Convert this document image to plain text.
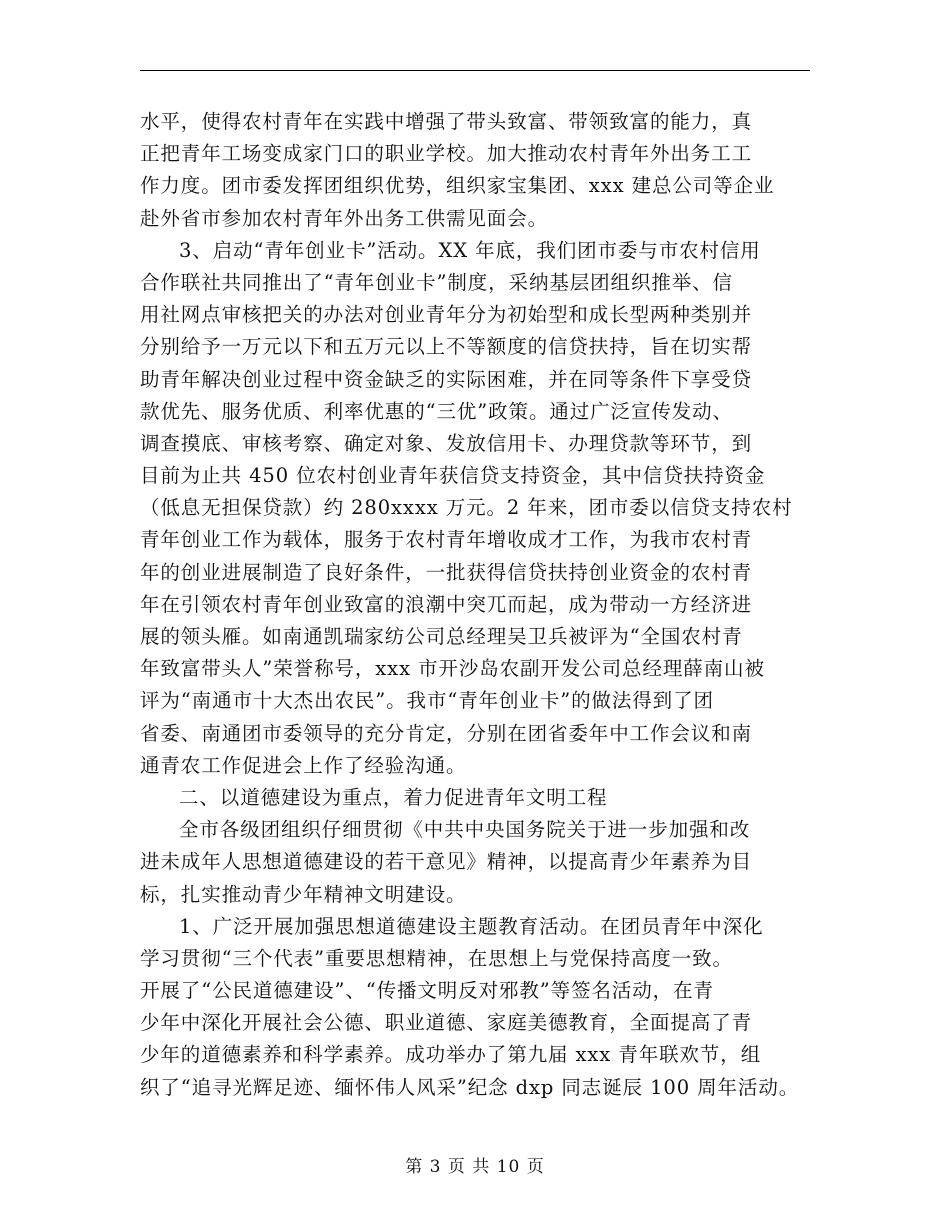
水平，使得农村青年在实践中增强了带头致富、带领致富的能力，真
正把青年工场变成家门口的职业学校。加大推动农村青年外出务工工
作力度。团市委发挥团组织优势，组织家宝集团、xxx 建总公司等企业
赴外省市参加农村青年外出务工供需见面会。
3、启动“青年创业卡”活动。XX 年底，我们团市委与市农村信用
合作联社共同推出了“青年创业卡”制度，采纳基层团组织推举、信
用社网点审核把关的办法对创业青年分为初始型和成长型两种类别并
分别给予一万元以下和五万元以上不等额度的信贷扶持，旨在切实帮
助青年解决创业过程中资金缺乏的实际困难，并在同等条件下享受贷
款优先、服务优质、利率优惠的“三优”政策。通过广泛宣传发动、
调查摸底、审核考察、确定对象、发放信用卡、办理贷款等环节，到
目前为止共 450 位农村创业青年获信贷支持资金，其中信贷扶持资金
（低息无担保贷款）约 280xxxx 万元。2 年来，团市委以信贷支持农村
青年创业工作为载体，服务于农村青年增收成才工作，为我市农村青
年的创业进展制造了良好条件，一批获得信贷扶持创业资金的农村青
年在引领农村青年创业致富的浪潮中突兀而起，成为带动一方经济进
展的领头雁。如南通凯瑞家纺公司总经理吴卫兵被评为“全国农村青
年致富带头人”荣誉称号，xxx 市开沙岛农副开发公司总经理薛南山被
评为“南通市十大杰出农民”。我市“青年创业卡”的做法得到了团
省委、南通团市委领导的充分肯定，分别在团省委年中工作会议和南
通青农工作促进会上作了经验沟通。
二、以道德建设为重点，着力促进青年文明工程
全市各级团组织仔细贯彻《中共中央国务院关于进一步加强和改
进未成年人思想道德建设的若干意见》精神，以提高青少年素养为目
标，扎实推动青少年精神文明建设。
1、广泛开展加强思想道德建设主题教育活动。在团员青年中深化
学习贯彻“三个代表”重要思想精神，在思想上与党保持高度一致。
开展了“公民道德建设”、“传播文明反对邪教”等签名活动，在青
少年中深化开展社会公德、职业道德、家庭美德教育，全面提高了青
少年的道德素养和科学素养。成功举办了第九届 xxx 青年联欢节，组
织了“追寻光辉足迹、缅怀伟人风采”纪念 dxp 同志诞辰 100 周年活动。
第 3 页 共 10 页
